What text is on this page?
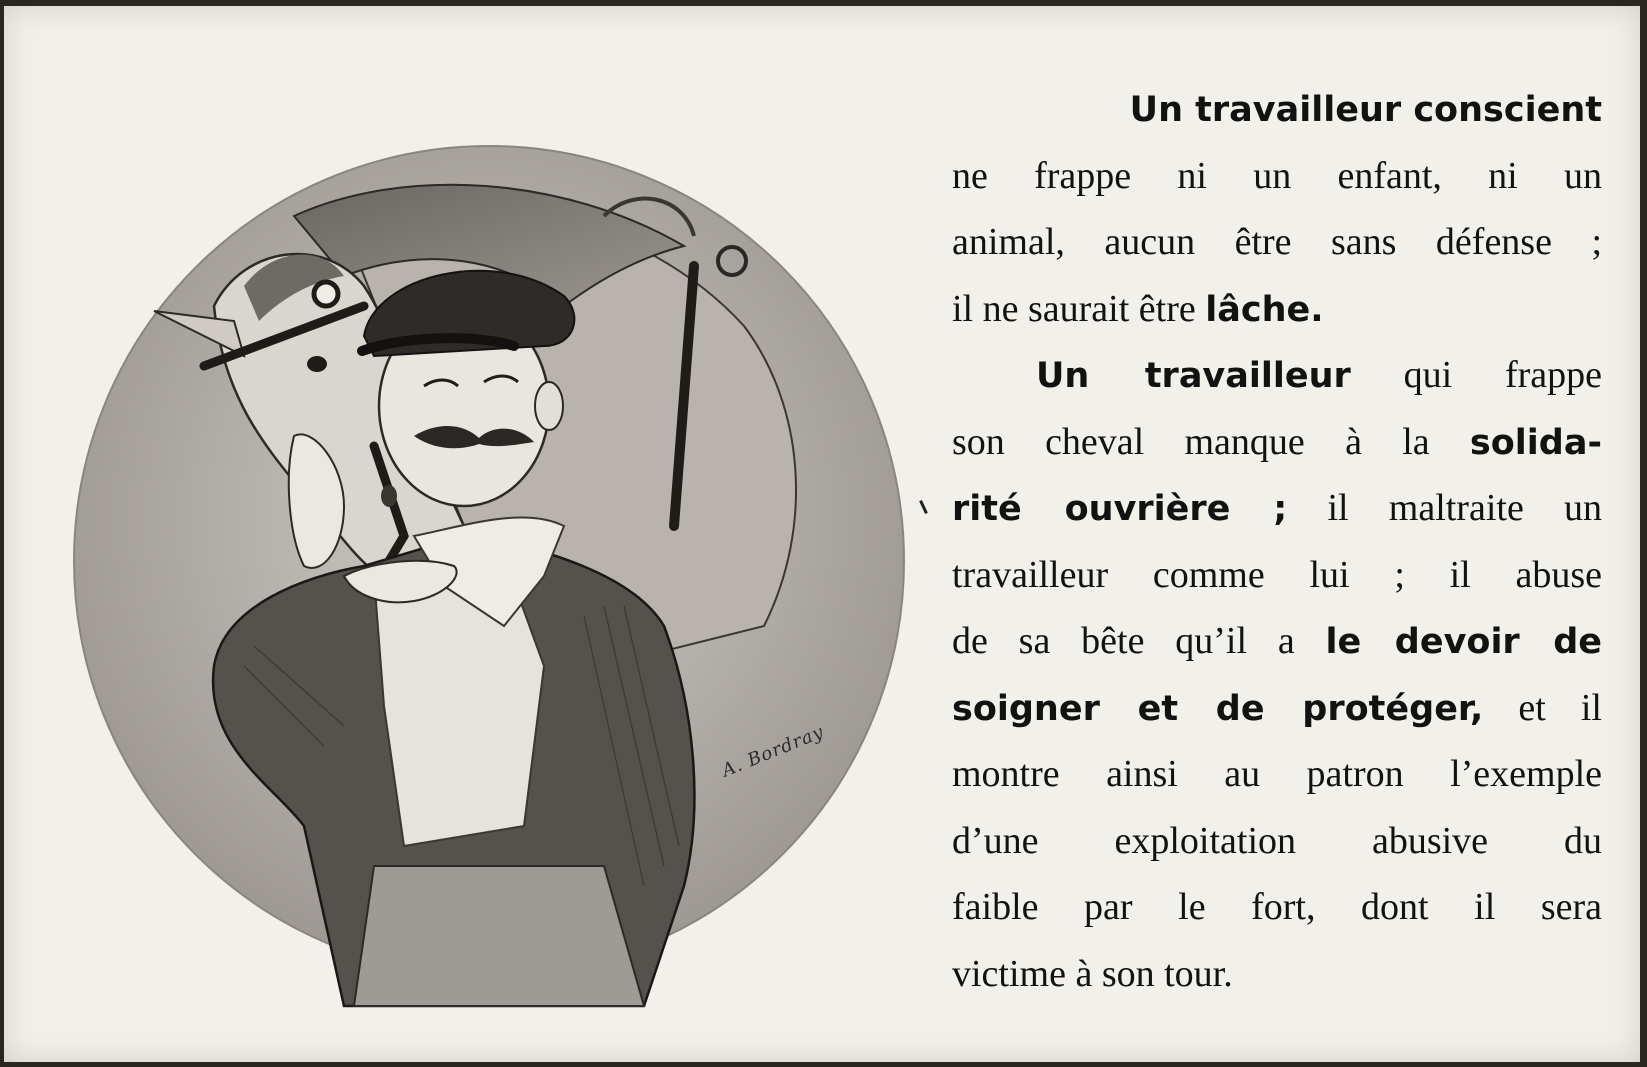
A. Bordray
Un travailleur conscient
ne frappe ni un enfant, ni un
animal, aucun être sans défense ;
il ne saurait être lâche.
Un travailleur qui frappe
son cheval manque à la solida-
rité ouvrière ; il maltraite un
travailleur comme lui ; il abuse
de sa bête qu’il a le devoir de
soigner et de protéger, et il
montre ainsi au patron l’exemple
d’une exploitation abusive du
faible par le fort, dont il sera
victime à son tour.
